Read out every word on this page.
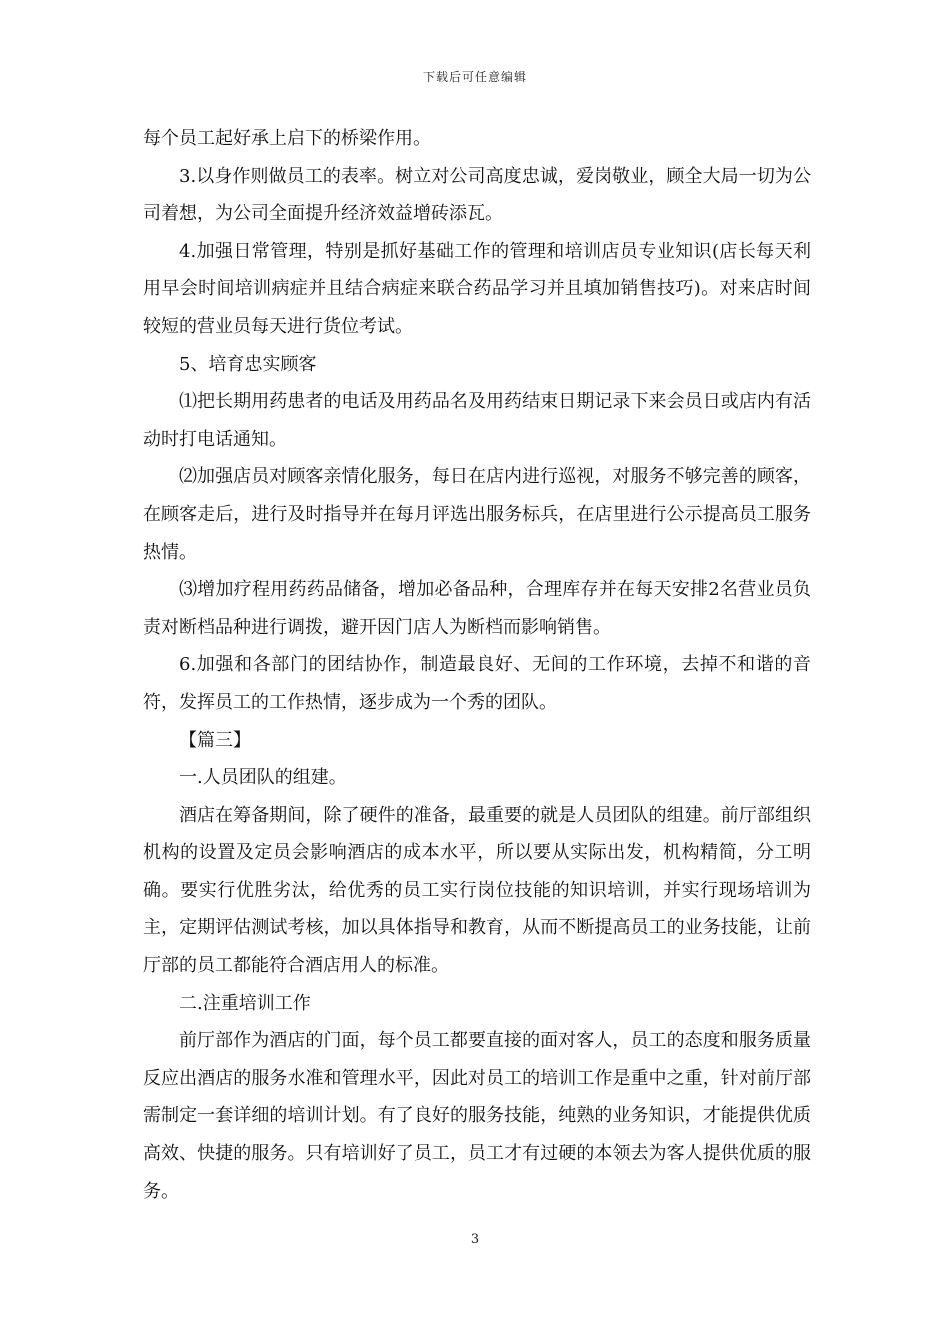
下载后可任意编辑

每个员工起好承上启下的桥梁作用。

3.以身作则做员工的表率。树立对公司高度忠诚，爱岗敬业，顾全大局一切为公司着想，为公司全面提升经济效益增砖添瓦。

4.加强日常管理，特别是抓好基础工作的管理和培训店员专业知识(店长每天利用早会时间培训病症并且结合病症来联合药品学习并且填加销售技巧)。对来店时间较短的营业员每天进行货位考试。

5、培育忠实顾客

⑴把长期用药患者的电话及用药品名及用药结束日期记录下来会员日或店内有活动时打电话通知。

⑵加强店员对顾客亲情化服务，每日在店内进行巡视，对服务不够完善的顾客，在顾客走后，进行及时指导并在每月评选出服务标兵，在店里进行公示提高员工服务热情。

⑶增加疗程用药药品储备，增加必备品种，合理库存并在每天安排2名营业员负责对断档品种进行调拨，避开因门店人为断档而影响销售。

6.加强和各部门的团结协作，制造最良好、无间的工作环境，去掉不和谐的音符，发挥员工的工作热情，逐步成为一个秀的团队。

【篇三】

一.人员团队的组建。

酒店在筹备期间，除了硬件的准备，最重要的就是人员团队的组建。前厅部组织机构的设置及定员会影响酒店的成本水平，所以要从实际出发，机构精简，分工明确。要实行优胜劣汰，给优秀的员工实行岗位技能的知识培训，并实行现场培训为主，定期评估测试考核，加以具体指导和教育，从而不断提高员工的业务技能，让前厅部的员工都能符合酒店用人的标准。

二.注重培训工作

前厅部作为酒店的门面，每个员工都要直接的面对客人，员工的态度和服务质量反应出酒店的服务水准和管理水平，因此对员工的培训工作是重中之重，针对前厅部需制定一套详细的培训计划。有了良好的服务技能，纯熟的业务知识，才能提供优质高效、快捷的服务。只有培训好了员工，员工才有过硬的本领去为客人提供优质的服务。

3
